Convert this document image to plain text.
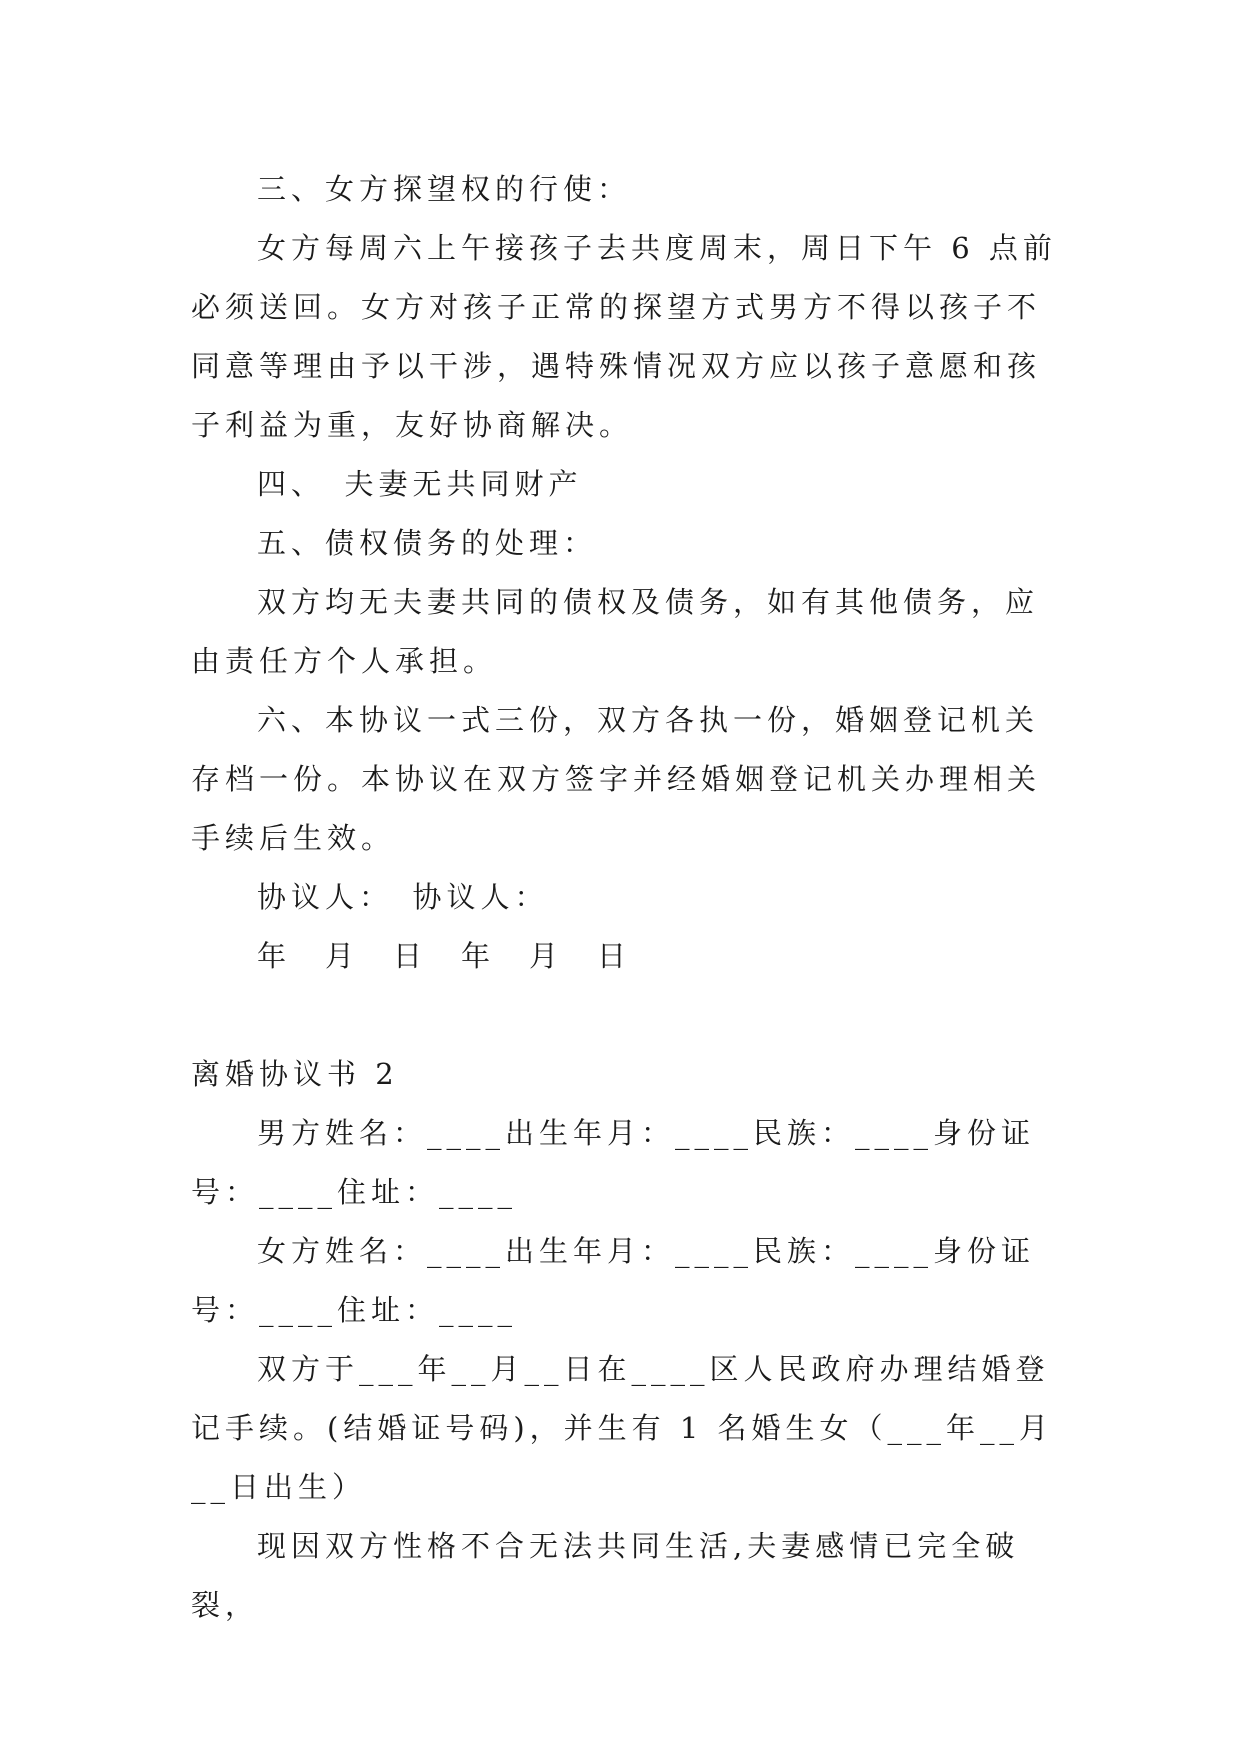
三、女方探望权的行使：

女方每周六上午接孩子去共度周末，周日下午 6 点前必须送回。女方对孩子正常的探望方式男方不得以孩子不同意等理由予以干涉，遇特殊情况双方应以孩子意愿和孩子利益为重，友好协商解决。

四、　夫妻无共同财产

五、债权债务的处理：

双方均无夫妻共同的债权及债务，如有其他债务，应由责任方个人承担。

六、本协议一式三份，双方各执一份，婚姻登记机关存档一份。本协议在双方签字并经婚姻登记机关办理相关手续后生效。

协议人：　协议人：

年　月　日　年　月　日

离婚协议书 2

男方姓名：____出生年月：____民族：____身份证号：____住址：____

女方姓名：____出生年月：____民族：____身份证号：____住址：____

双方于___年__月__日在____区人民政府办理结婚登记手续。(结婚证号码)，并生有 1 名婚生女（___年__月__日出生）

现因双方性格不合无法共同生活,夫妻感情已完全破裂，
